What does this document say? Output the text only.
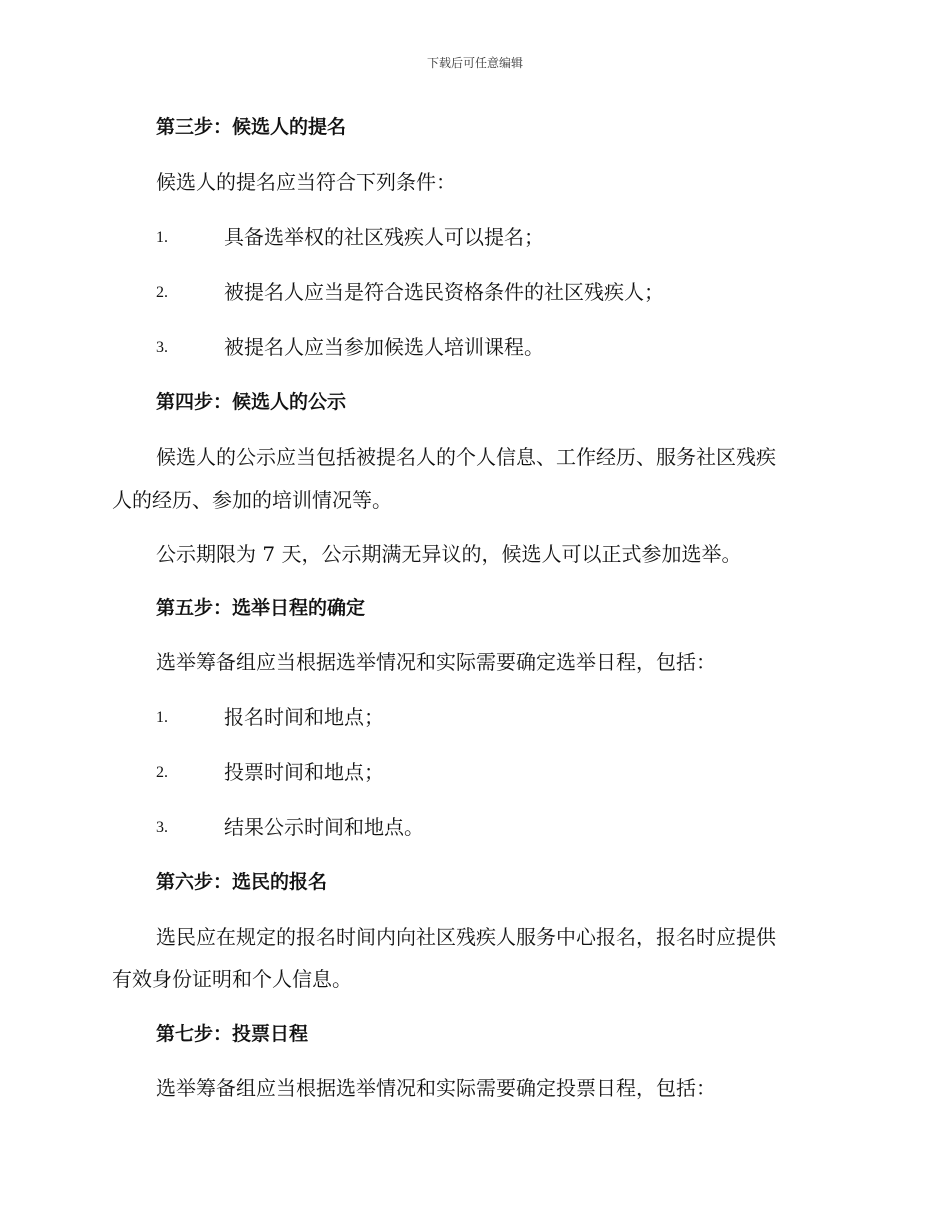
下载后可任意编辑
第三步：候选人的提名
候选人的提名应当符合下列条件：
1.	具备选举权的社区残疾人可以提名；
2.	被提名人应当是符合选民资格条件的社区残疾人；
3.	被提名人应当参加候选人培训课程。
第四步：候选人的公示
候选人的公示应当包括被提名人的个人信息、工作经历、服务社区残疾
人的经历、参加的培训情况等。
公示期限为 7 天，公示期满无异议的，候选人可以正式参加选举。
第五步：选举日程的确定
选举筹备组应当根据选举情况和实际需要确定选举日程，包括：
1.	报名时间和地点；
2.	投票时间和地点；
3.	结果公示时间和地点。
第六步：选民的报名
选民应在规定的报名时间内向社区残疾人服务中心报名，报名时应提供
有效身份证明和个人信息。
第七步：投票日程
选举筹备组应当根据选举情况和实际需要确定投票日程，包括：
